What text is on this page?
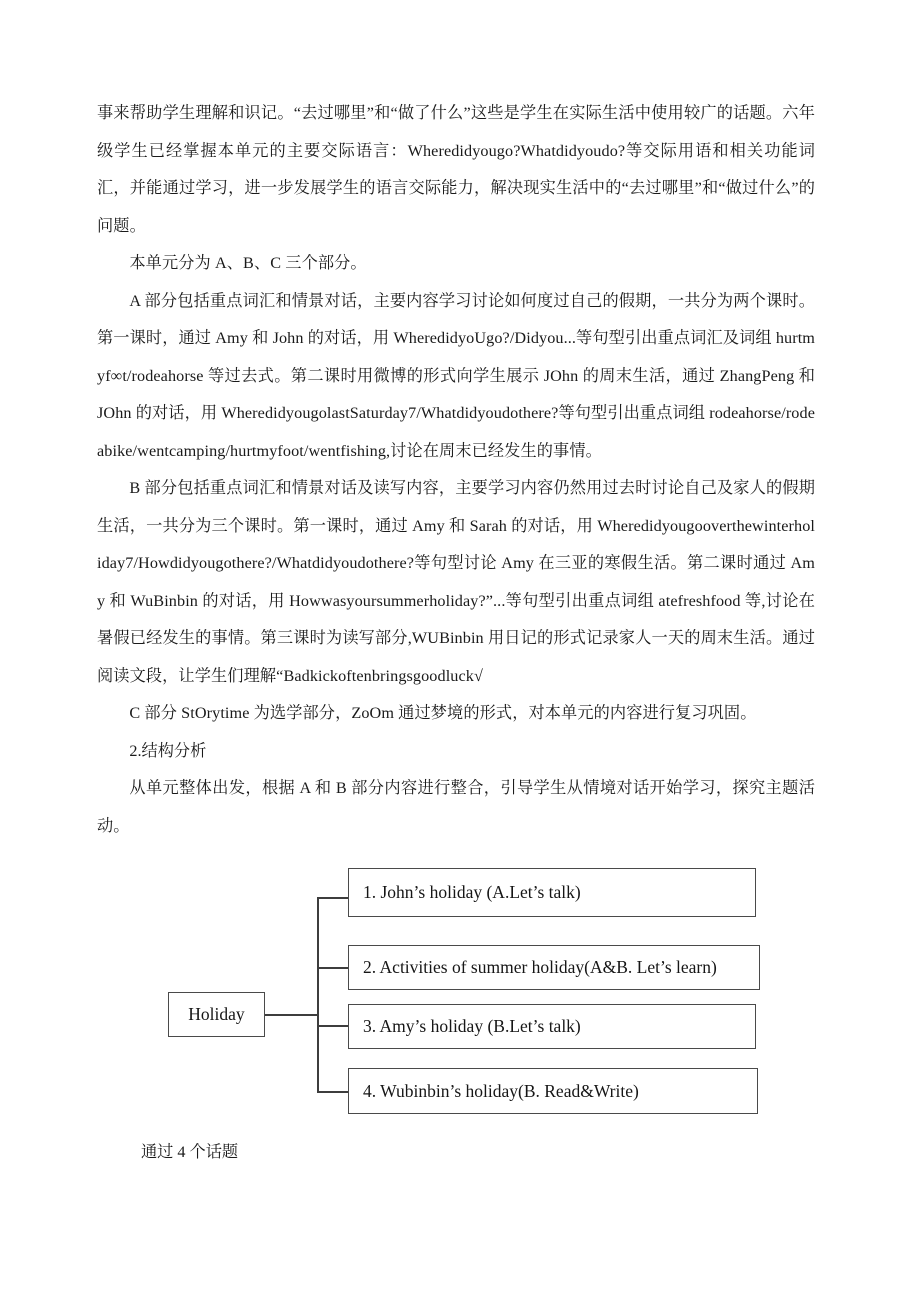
事来帮助学生理解和识记。“去过哪里”和“做了什么”这些是学生在实际生活中使用较广的话题。六年级学生已经掌握本单元的主要交际语言：Wheredidyougo?Whatdidyoudo?等交际用语和相关功能词汇，并能通过学习，进一步发展学生的语言交际能力，解决现实生活中的“去过哪里”和“做过什么”的问题。

本单元分为 A、B、C 三个部分。

A 部分包括重点词汇和情景对话，主要内容学习讨论如何度过自己的假期，一共分为两个课时。第一课时，通过 Amy 和 John 的对话，用 WheredidyoUgo?/Didyou...等句型引出重点词汇及词组 hurtmyf∞t/rodeahorse 等过去式。第二课时用微博的形式向学生展示 JOhn 的周末生活，通过 ZhangPeng 和 JOhn 的对话，用 WheredidyougolastSaturday7/Whatdidyoudothere?等句型引出重点词组 rodeahorse/rodeabike/wentcamping/hurtmyfoot/wentfishing,讨论在周末已经发生的事情。

B 部分包括重点词汇和情景对话及读写内容，主要学习内容仍然用过去时讨论自己及家人的假期生活，一共分为三个课时。第一课时，通过 Amy 和 Sarah 的对话，用 Wheredidyougooverthewinterholiday7/Howdidyougothere?/Whatdidyoudothere?等句型讨论 Amy 在三亚的寒假生活。第二课时通过 Amy 和 WuBinbin 的对话，用 Howwasyoursummerholiday?”...等句型引出重点词组 atefreshfood 等,讨论在暑假已经发生的事情。第三课时为读写部分,WUBinbin 用日记的形式记录家人一天的周末生活。通过阅读文段，让学生们理解“Badkickoftenbringsgoodluck√

C 部分 StOrytime 为选学部分，ZoOm 通过梦境的形式，对本单元的内容进行复习巩固。

2.结构分析

从单元整体出发，根据 A 和 B 部分内容进行整合，引导学生从情境对话开始学习，探究主题活动。

Holiday
1. John’s holiday (A.Let’s talk)
2. Activities of summer holiday(A&B. Let’s learn)
3. Amy’s holiday (B.Let’s talk)
4. Wubinbin’s holiday(B. Read&Write)

通过 4 个话题
